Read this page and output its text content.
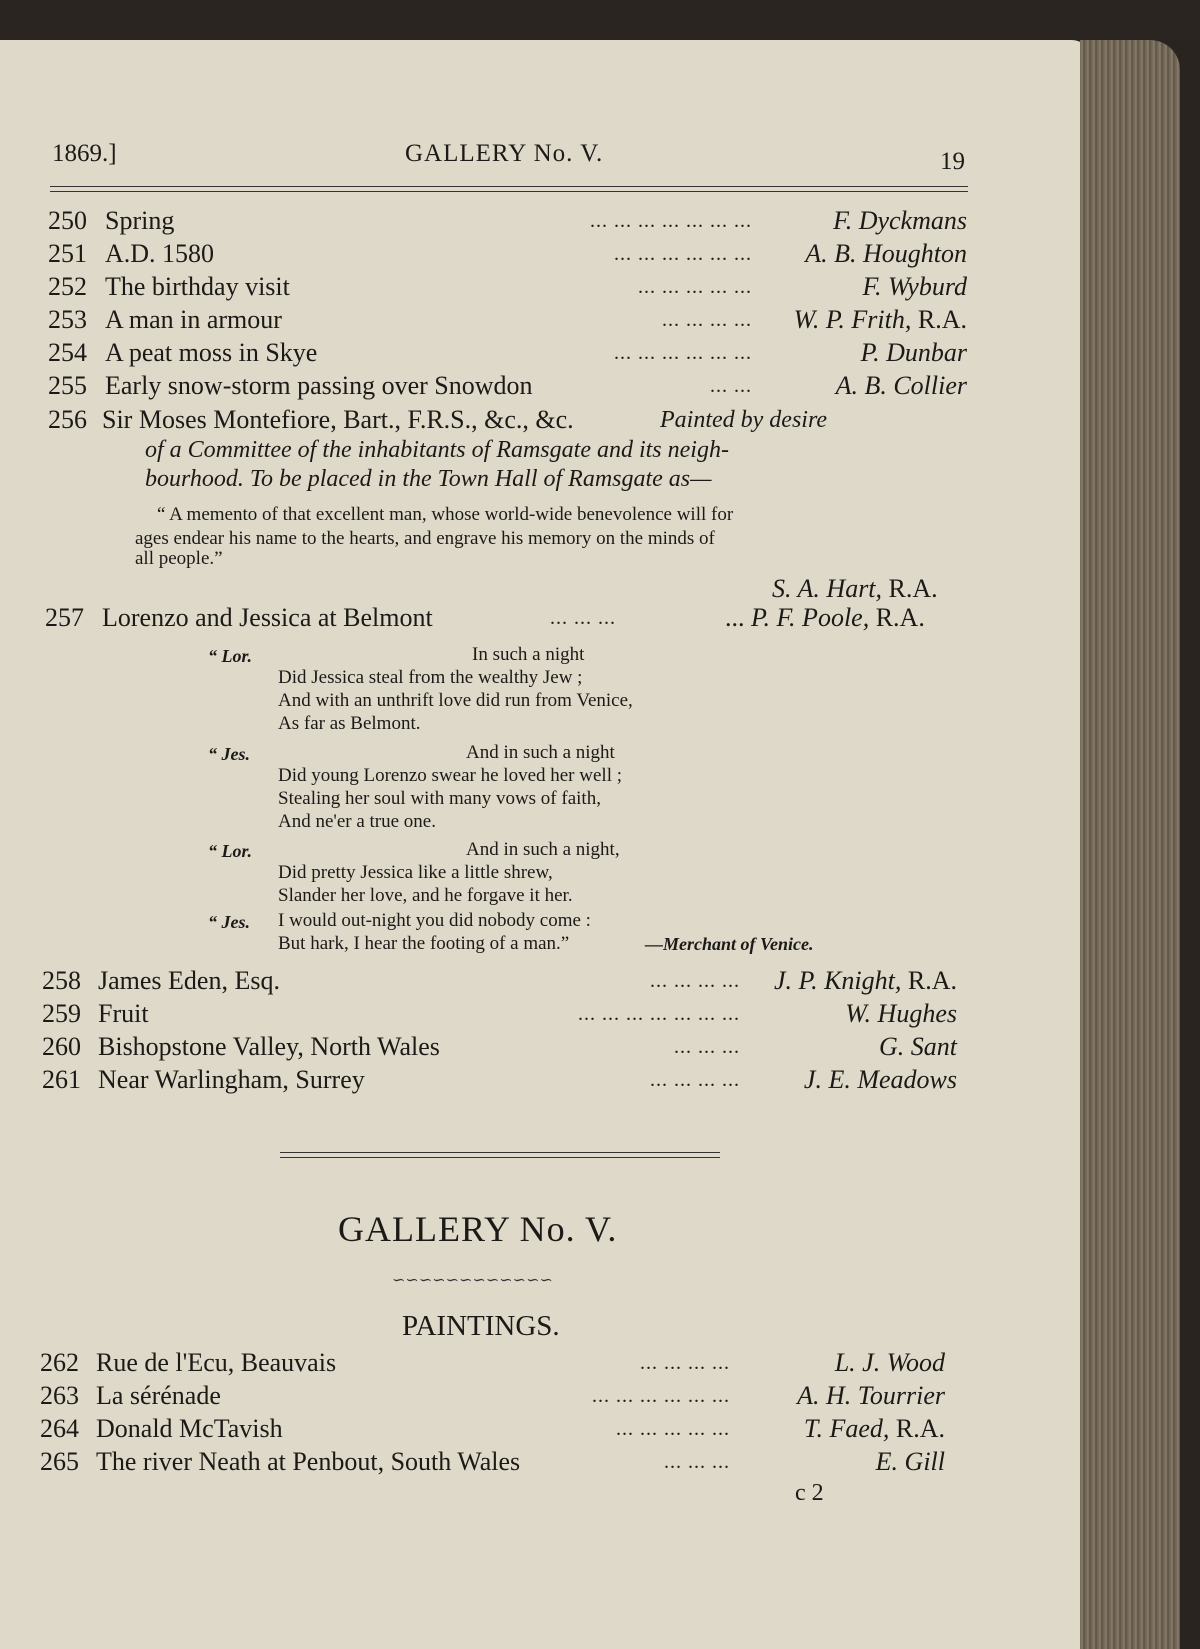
1869.]	GALLERY No. V.	19
250 Spring	... ... ... ... ... ... ...	F. Dyckmans
251 A.D. 1580	... ... ... ... ... ... A. B. Houghton
252 The birthday visit	... ... ... ... ...	F. Wyburd
253 A man in armour	... ... ... ... W. P. Frith, R.A.
254 A peat moss in Skye	... ... ... ... ... ...	P. Dunbar
255 Early snow-storm passing over Snowdon	... ...	A. B. Collier
256 Sir Moses Montefiore, Bart., F.R.S., &c., &c.	Painted by desire
of a Committee of the inhabitants of Ramsgate and its neigh-
bourhood. To be placed in the Town Hall of Ramsgate as—
“ A memento of that excellent man, whose world-wide benevolence will for
ages endear his name to the hearts, and engrave his memory on the minds of
all people.”
S. A. Hart, R.A.
257 Lorenzo and Jessica at Belmont	... ... ...	... P. F. Poole, R.A.
“ Lor.	In such a night
Did Jessica steal from the wealthy Jew ;
And with an unthrift love did run from Venice,
As far as Belmont.
“ Jes.	And in such a night
Did young Lorenzo swear he loved her well ;
Stealing her soul with many vows of faith,
And ne'er a true one.
“ Lor.	And in such a night,
Did pretty Jessica like a little shrew,
Slander her love, and he forgave it her.
“ Jes. I would out-night you did nobody come :
But hark, I hear the footing of a man.”	—Merchant of Venice.
258 James Eden, Esq.	... ... ... ... J. P. Knight, R.A.
259 Fruit	... ... ... ... ... ... ...	W. Hughes
260 Bishopstone Valley, North Wales	... ... ...	G. Sant
261 Near Warlingham, Surrey	... ... ... ... J. E. Meadows
GALLERY No. V.
∽∽∽∽∽∽∽∽∽∽∽∽
PAINTINGS.
262 Rue de l'Ecu, Beauvais	... ... ... ...	L. J. Wood
263 La sérénade	... ... ... ... ... ...	A. H. Tourrier
264 Donald McTavish	... ... ... ... ...	T. Faed, R.A.
265 The river Neath at Penbout, South Wales	... ... ...	E. Gill
c 2
